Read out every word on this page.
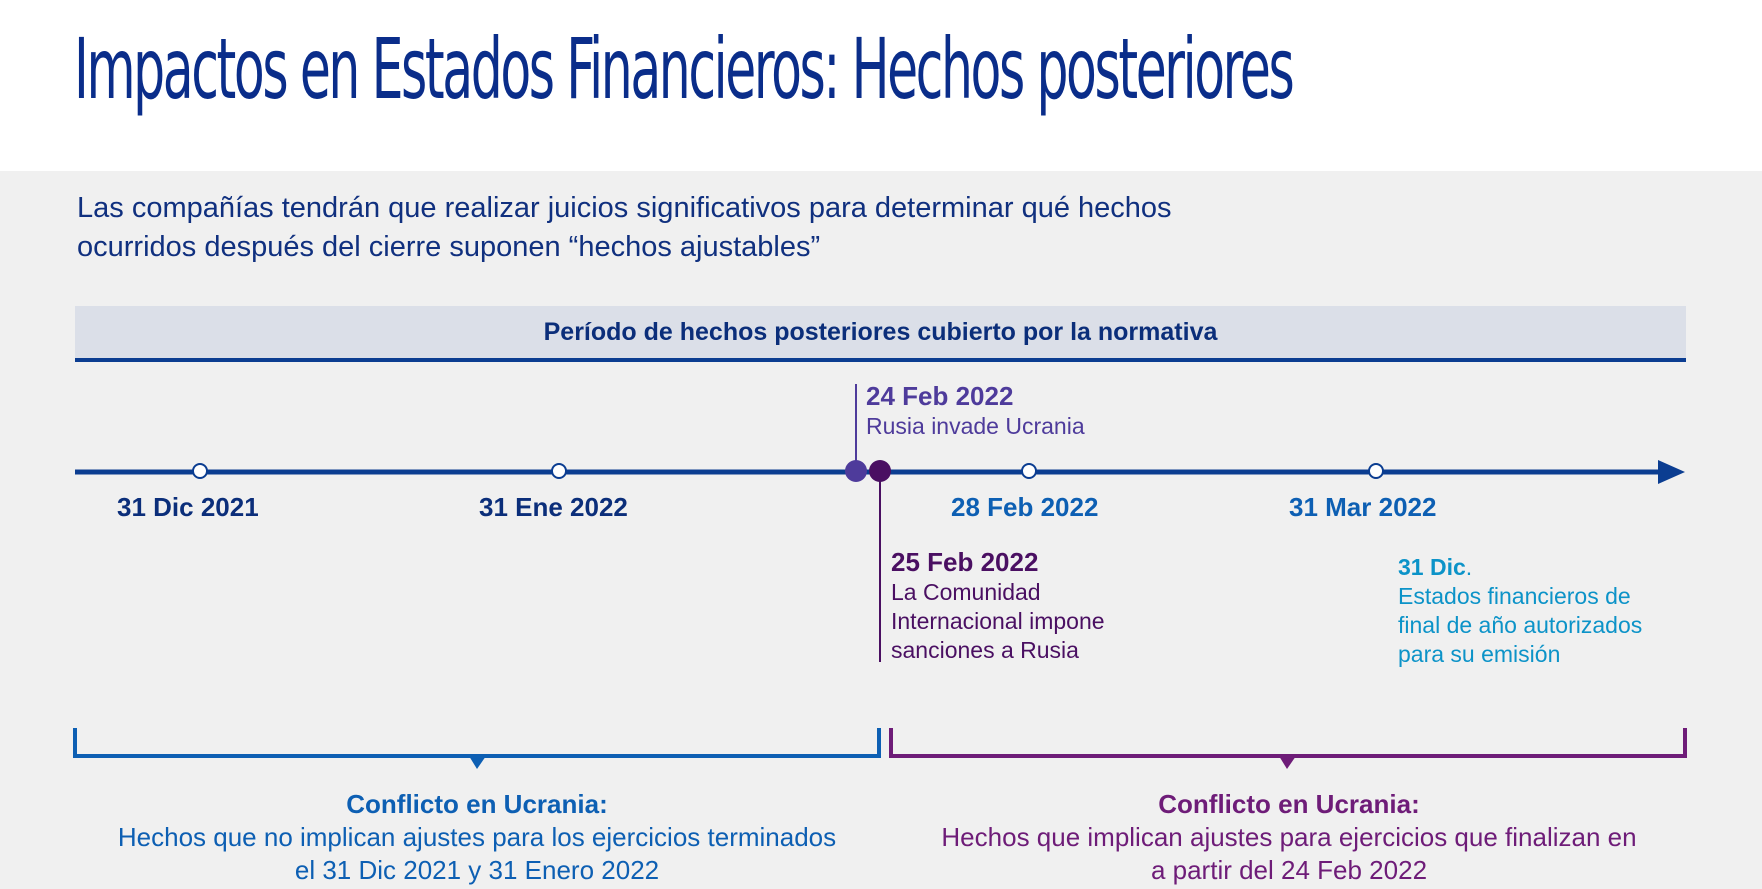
Impactos en Estados Financieros: Hechos posteriores

Las compañías tendrán que realizar juicios significativos para determinar qué hechos
ocurridos después del cierre suponen “hechos ajustables”

Período de hechos posteriores cubierto por la normativa
31 Dic 2021	31 Ene 2022	28 Feb 2022	31 Mar 2022
24 Feb 2022
Rusia invade Ucrania
25 Feb 2022
La Comunidad
Internacional impone
sanciones a Rusia
31 Dic.
Estados financieros de
final de año autorizados
para su emisión
Conflicto en Ucrania:
Hechos que no implican ajustes para los ejercicios terminados
el 31 Dic 2021 y 31 Enero 2022
Conflicto en Ucrania:
Hechos que implican ajustes para ejercicios que finalizan en
a partir del 24 Feb 2022
